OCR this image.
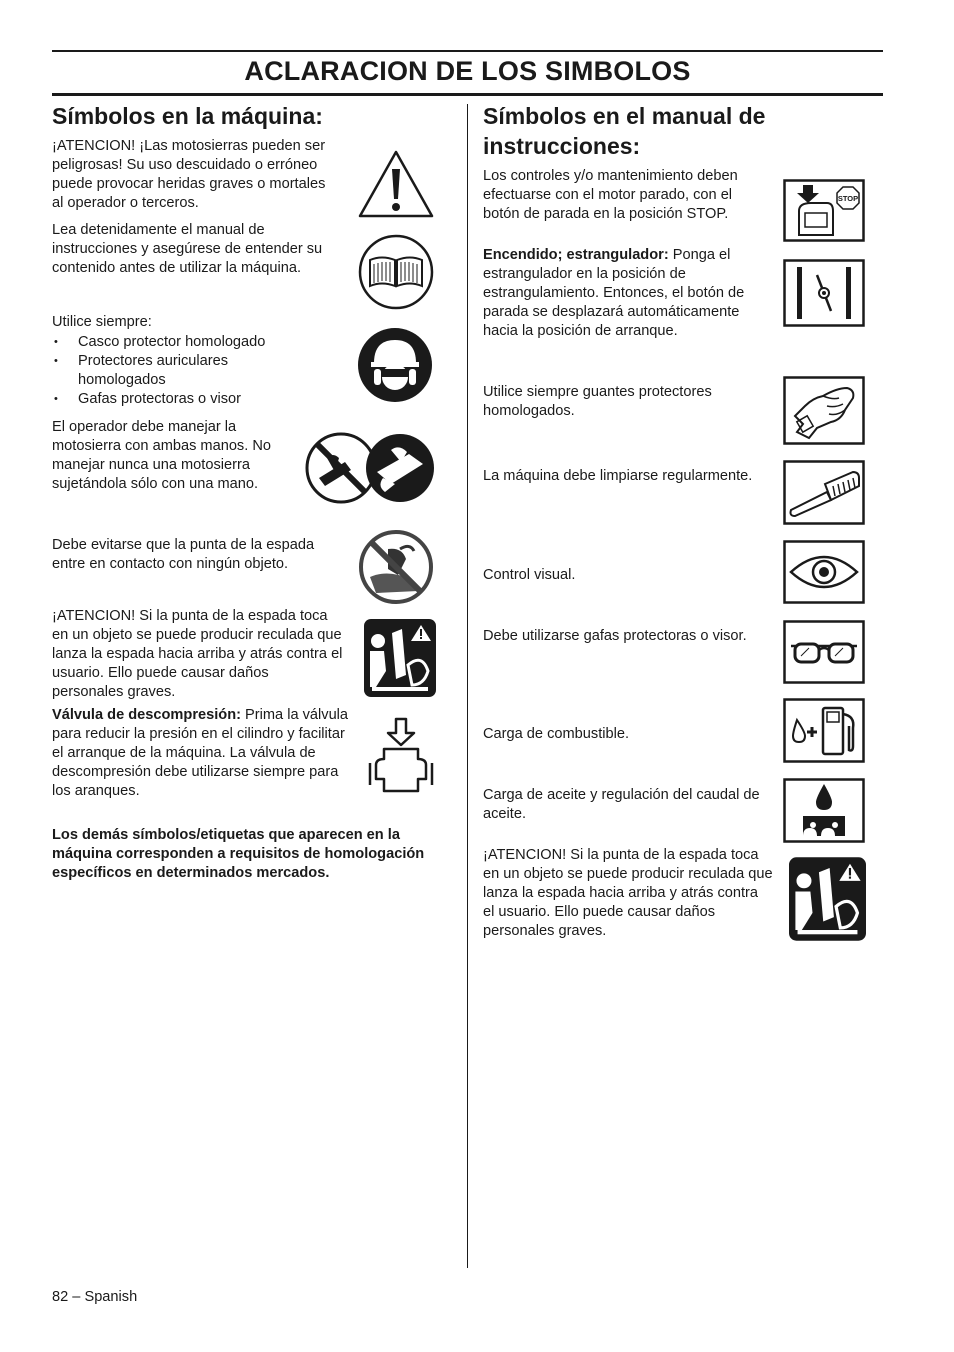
ACLARACION DE LOS SIMBOLOS
Símbolos en la máquina:

¡ATENCION! ¡Las motosierras pueden ser peligrosas! Su uso descuidado o erróneo puede provocar heridas graves o mortales al operador o terceros.

Lea detenidamente el manual de instrucciones y asegúrese de entender su contenido antes de utilizar la máquina.

Utilice siempre:

• Casco protector homologado
• Protectores auriculares homologados
• Gafas protectoras o visor

El operador debe manejar la motosierra con ambas manos. No manejar nunca una motosierra sujetándola sólo con una mano.

Debe evitarse que la punta de la espada entre en contacto con ningún objeto.

¡ATENCION! Si la punta de la espada toca en un objeto se puede producir reculada que lanza la espada hacia arriba y atrás contra el usuario. Ello puede causar daños personales graves.

Válvula de descompresión: Prima la válvula para reducir la presión en el cilindro y facilitar el arranque de la máquina. La válvula de descompresión debe utilizarse siempre para los aranques.

Los demás símbolos/etiquetas que aparecen en la máquina corresponden a requisitos de homologación específicos en determinados mercados.

Símbolos en el manual de instrucciones:

Los controles y/o mantenimiento deben efectuarse con el motor parado, con el botón de parada en la posición STOP.

STOP

Encendido; estrangulador: Ponga el estrangulador en la posición de estrangulamiento. Entonces, el botón de parada se desplazará automáticamente hacia la posición de arranque.

Utilice siempre guantes protectores homologados.

La máquina debe limpiarse regularmente.

Control visual.

Debe utilizarse gafas protectoras o visor.

Carga de combustible.

Carga de aceite y regulación del caudal de aceite.

¡ATENCION! Si la punta de la espada toca en un objeto se puede producir reculada que lanza la espada hacia arriba y atrás contra el usuario. Ello puede causar daños personales graves.

82 – Spanish
